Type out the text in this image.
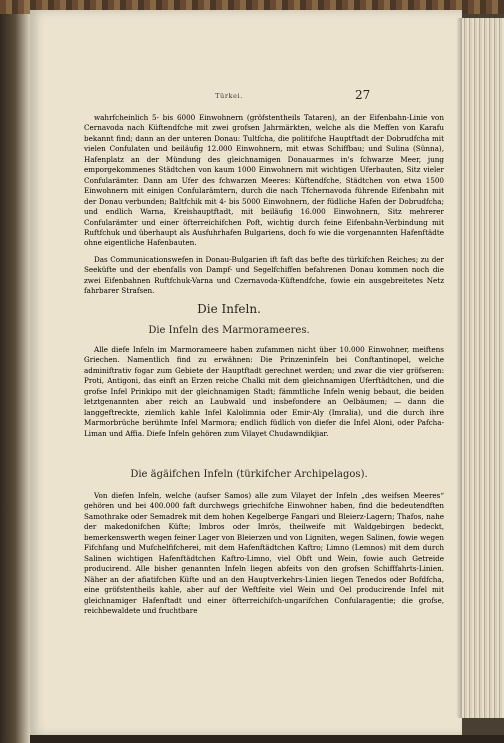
Türkei.	27

wahrfcheinlich 5- bis 6000 Einwohnern (gröfstentheils Tataren), an der Eifenbahn-Linie von Cernavoda nach Küftendfche mit zwei grofsen Jahrmärkten, welche als die Meffen von Karafu bekannt find; dann an der unteren Donau: Tultfcha, die politifche Hauptftadt der Dobrudfcha mit vielen Confulaten und beiläufig 12.000 Einwohnern, mit etwas Schiffbau; und Sulina (Sünna), Hafenplatz an der Mündung des gleichnamigen Donauarmes in's fchwarze Meer, jung emporgekommenes Städtchen von kaum 1000 Einwohnern mit wichtigen Uferbauten, Sitz vieler Confularämter. Dann am Ufer des fchwarzen Meeres: Küftendfche, Städtchen von etwa 1500 Einwohnern mit einigen Confularämtern, durch die nach Tfchernavoda führende Eifenbahn mit der Donau verbunden; Baltfchik mit 4- bis 5000 Einwohnern, der füdliche Hafen der Dobrudfcha; und endlich Warna, Kreishauptftadt, mit beiläufig 16.000 Einwohnern, Sitz mehrerer Confularämter und einer öfterreichifchen Poft, wichtig durch feine Eifenbahn-Verbindung mit Ruftfchuk und überhaupt als Ausfuhrhafen Bulgariens, doch fo wie die vorgenannten Hafenftädte ohne eigentliche Hafenbauten.

Das Communicationswefen in Donau-Bulgarien ift faft das befte des türkifchen Reiches; zu der Seeküfte und der ebenfalls von Dampf- und Segelfchiffen befahrenen Donau kommen noch die zwei Eifenbahnen Ruftfchuk-Varna und Czernavoda-Küftendfche, fowie ein ausgebreitetes Netz fahrbarer Strafsen.

Die Infeln.
Die Infeln des Marmorameeres.

Alle diefe Infeln im Marmorameere haben zufammen nicht über 10.000 Einwohner, meiftens Griechen. Namentlich find zu erwähnen: Die Prinzeninfeln bei Conftantinopel, welche adminiftrativ fogar zum Gebiete der Hauptftadt gerechnet werden; und zwar die vier gröfseren: Proti, Antigoni, das einft an Erzen reiche Chalki mit dem gleichnamigen Uferftädtchen, und die grofse Infel Prinkipo mit der gleichnamigen Stadt; fämmtliche Infeln wenig bebaut, die beiden letztgenannten aber reich an Laubwald und insbefondere an Oelbäumen; — dann die langgeftreckte, ziemlich kahle Infel Kalolimnia oder Emir-Aly (Imralia), und die durch ihre Marmorbrüche berühmte Infel Marmora; endlich füdlich von diefer die Infel Aloni, oder Pafcha-Liman und Affia. Diefe Infeln gehören zum Vilayet Chudawndikjiar.

Die ägäifchen Infeln (türkifcher Archipelagos).

Von diefen Infeln, welche (aufser Samos) alle zum Vilayet der Infeln „des weifsen Meeres“ gehören und bei 400.000 faft durchwegs griechifche Einwohner haben, find die bedeutendften Samothrake oder Semadrek mit dem hohen Kegelberge Fangari und Bleierz-Lagern; Thafos, nahe der makedonifchen Küfte; Imbros oder Imrös, theilweife mit Waldgebirgen bedeckt, bemerkenswerth wegen feiner Lager von Bleierzen und von Ligniten, wegen Salinen, fowie wegen Fifchfang und Mufchelfifcherei, mit dem Hafenftädtchen Kaftro; Limno (Lemnos) mit dem durch Salinen wichtigen Hafenftädtchen Kaftro-Limno, viel Obft und Wein, fowie auch Getreide producirend. Alle bisher genannten Infeln liegen abfeits von den grofsen Schifffahrts-Linien. Näher an der afiatifchen Küfte und an den Hauptverkehrs-Linien liegen Tenedos oder Bofdfcha, eine gröfstentheils kahle, aber auf der Weftfeite viel Wein und Oel producirende Infel mit gleichnamiger Hafenftadt und einer öfterreichifch-ungarifchen Confularagentie; die grofse, reichbewaldete und fruchtbare
